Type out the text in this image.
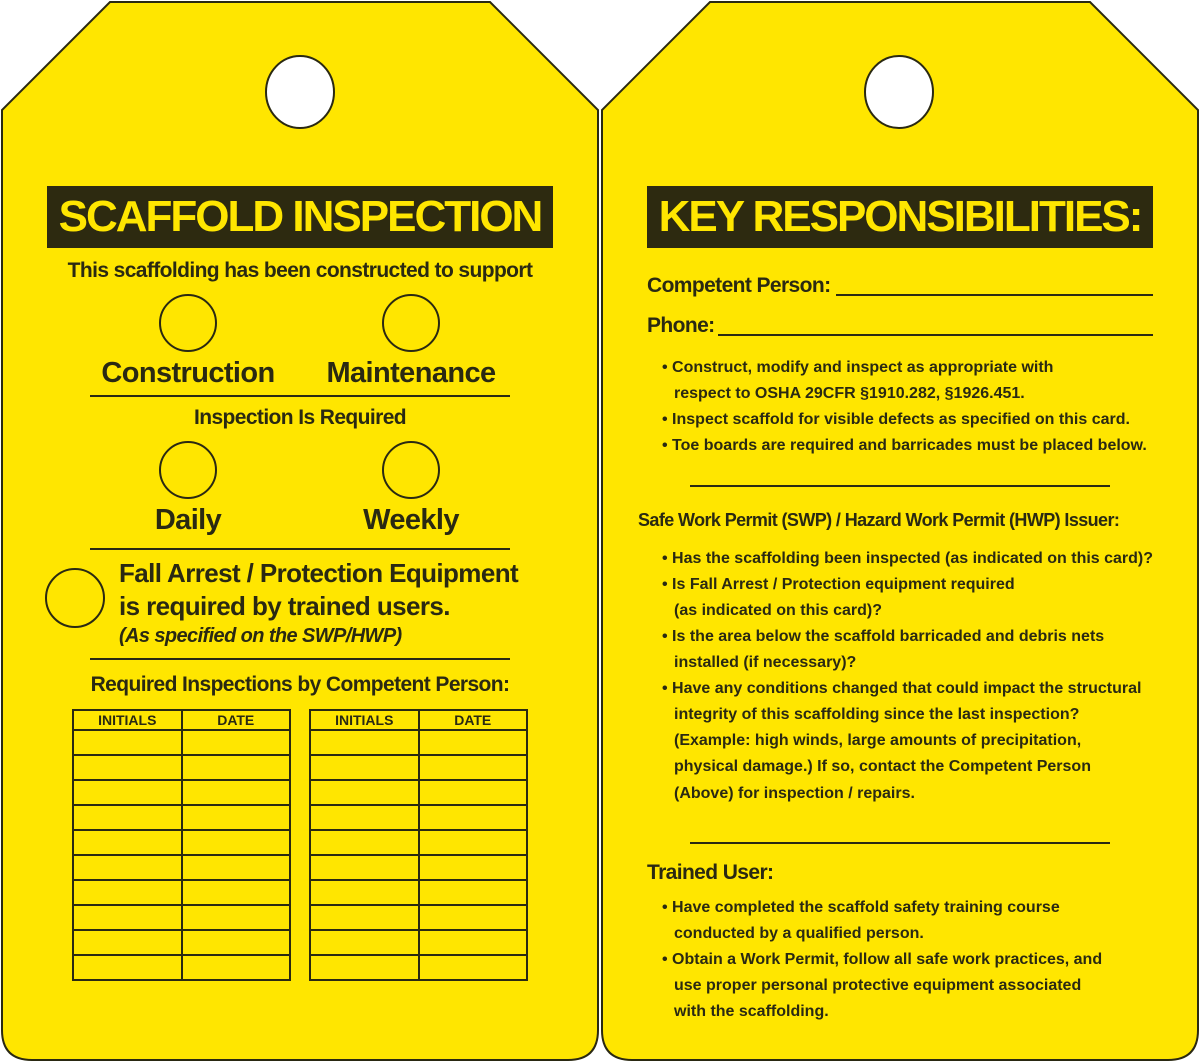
SCAFFOLD INSPECTION
This scaffolding has been constructed to support
Construction Maintenance
Inspection Is Required
Daily	Weekly
Fall Arrest / Protection Equipment
is required by trained users.
(As specified on the SWP/HWP)
Required Inspections by Competent Person:
INITIALS	DATE

		INITIALS	DATE

KEY RESPONSIBILITIES:
Competent Person:
Phone:
• Construct, modify and inspect as appropriate with
respect to OSHA 29CFR §1910.282, §1926.451.
• Inspect scaffold for visible defects as specified on this card.
• Toe boards are required and barricades must be placed below.
Safe Work Permit (SWP) / Hazard Work Permit (HWP) Issuer:
• Has the scaffolding been inspected (as indicated on this card)?
• Is Fall Arrest / Protection equipment required
(as indicated on this card)?
• Is the area below the scaffold barricaded and debris nets
installed (if necessary)?
• Have any conditions changed that could impact the structural
integrity of this scaffolding since the last inspection?
(Example: high winds, large amounts of precipitation,
physical damage.) If so, contact the Competent Person
(Above) for inspection / repairs.
Trained User:
• Have completed the scaffold safety training course
conducted by a qualified person.
• Obtain a Work Permit, follow all safe work practices, and
use proper personal protective equipment associated
with the scaffolding.
